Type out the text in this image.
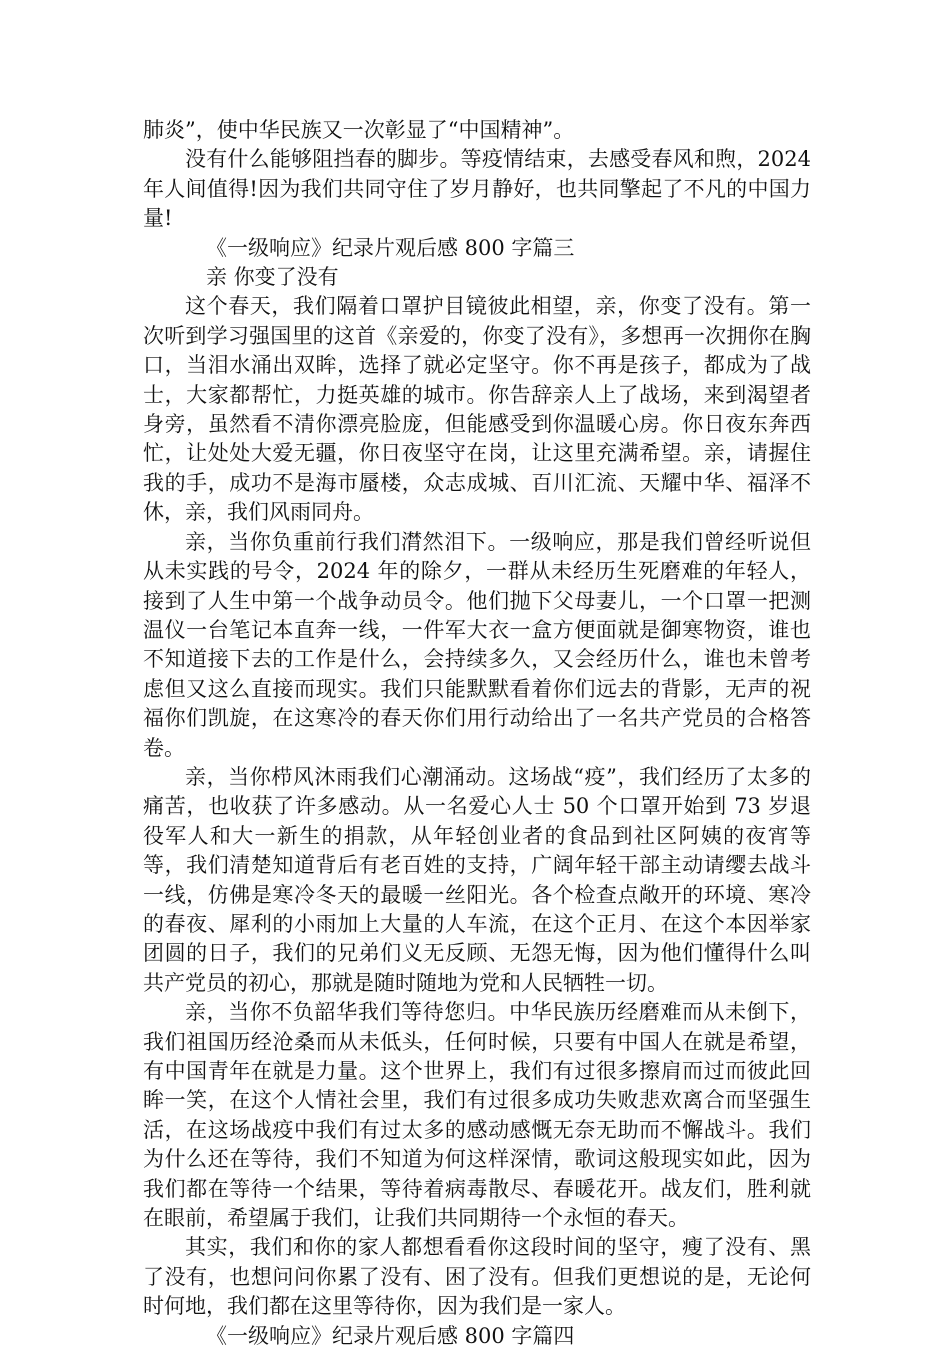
肺炎”，使中华民族又一次彰显了“中国精神”。

没有什么能够阻挡春的脚步。等疫情结束，去感受春风和煦，2024 年人间值得!因为我们共同守住了岁月静好，也共同擎起了不凡的中国力量!

《一级响应》纪录片观后感 800 字篇三

亲 你变了没有

这个春天，我们隔着口罩护目镜彼此相望，亲，你变了没有。第一次听到学习强国里的这首《亲爱的，你变了没有》，多想再一次拥你在胸口，当泪水涌出双眸，选择了就必定坚守。你不再是孩子，都成为了战士，大家都帮忙，力挺英雄的城市。你告辞亲人上了战场，来到渴望者身旁，虽然看不清你漂亮脸庞，但能感受到你温暖心房。你日夜东奔西忙，让处处大爱无疆，你日夜坚守在岗，让这里充满希望。亲，请握住我的手，成功不是海市蜃楼，众志成城、百川汇流、天耀中华、福泽不休，亲，我们风雨同舟。

亲，当你负重前行我们潸然泪下。一级响应，那是我们曾经听说但从未实践的号令，2024 年的除夕，一群从未经历生死磨难的年轻人，接到了人生中第一个战争动员令。他们抛下父母妻儿，一个口罩一把测温仪一台笔记本直奔一线，一件军大衣一盒方便面就是御寒物资，谁也不知道接下去的工作是什么，会持续多久，又会经历什么，谁也未曾考虑但又这么直接而现实。我们只能默默看着你们远去的背影，无声的祝福你们凯旋，在这寒冷的春天你们用行动给出了一名共产党员的合格答卷。

亲，当你栉风沐雨我们心潮涌动。这场战“疫”，我们经历了太多的痛苦，也收获了许多感动。从一名爱心人士 50 个口罩开始到 73 岁退役军人和大一新生的捐款，从年轻创业者的食品到社区阿姨的夜宵等等，我们清楚知道背后有老百姓的支持，广阔年轻干部主动请缨去战斗一线，仿佛是寒冷冬天的最暖一丝阳光。各个检查点敞开的环境、寒冷的春夜、犀利的小雨加上大量的人车流，在这个正月、在这个本因举家团圆的日子，我们的兄弟们义无反顾、无怨无悔，因为他们懂得什么叫共产党员的初心，那就是随时随地为党和人民牺牲一切。

亲，当你不负韶华我们等待您归。中华民族历经磨难而从未倒下，我们祖国历经沧桑而从未低头，任何时候，只要有中国人在就是希望，有中国青年在就是力量。这个世界上，我们有过很多擦肩而过而彼此回眸一笑，在这个人情社会里，我们有过很多成功失败悲欢离合而坚强生活，在这场战疫中我们有过太多的感动感慨无奈无助而不懈战斗。我们为什么还在等待，我们不知道为何这样深情，歌词这般现实如此，因为我们都在等待一个结果，等待着病毒散尽、春暖花开。战友们，胜利就在眼前，希望属于我们，让我们共同期待一个永恒的春天。

其实，我们和你的家人都想看看你这段时间的坚守，瘦了没有、黑了没有，也想问问你累了没有、困了没有。但我们更想说的是，无论何时何地，我们都在这里等待你，因为我们是一家人。

《一级响应》纪录片观后感 800 字篇四
